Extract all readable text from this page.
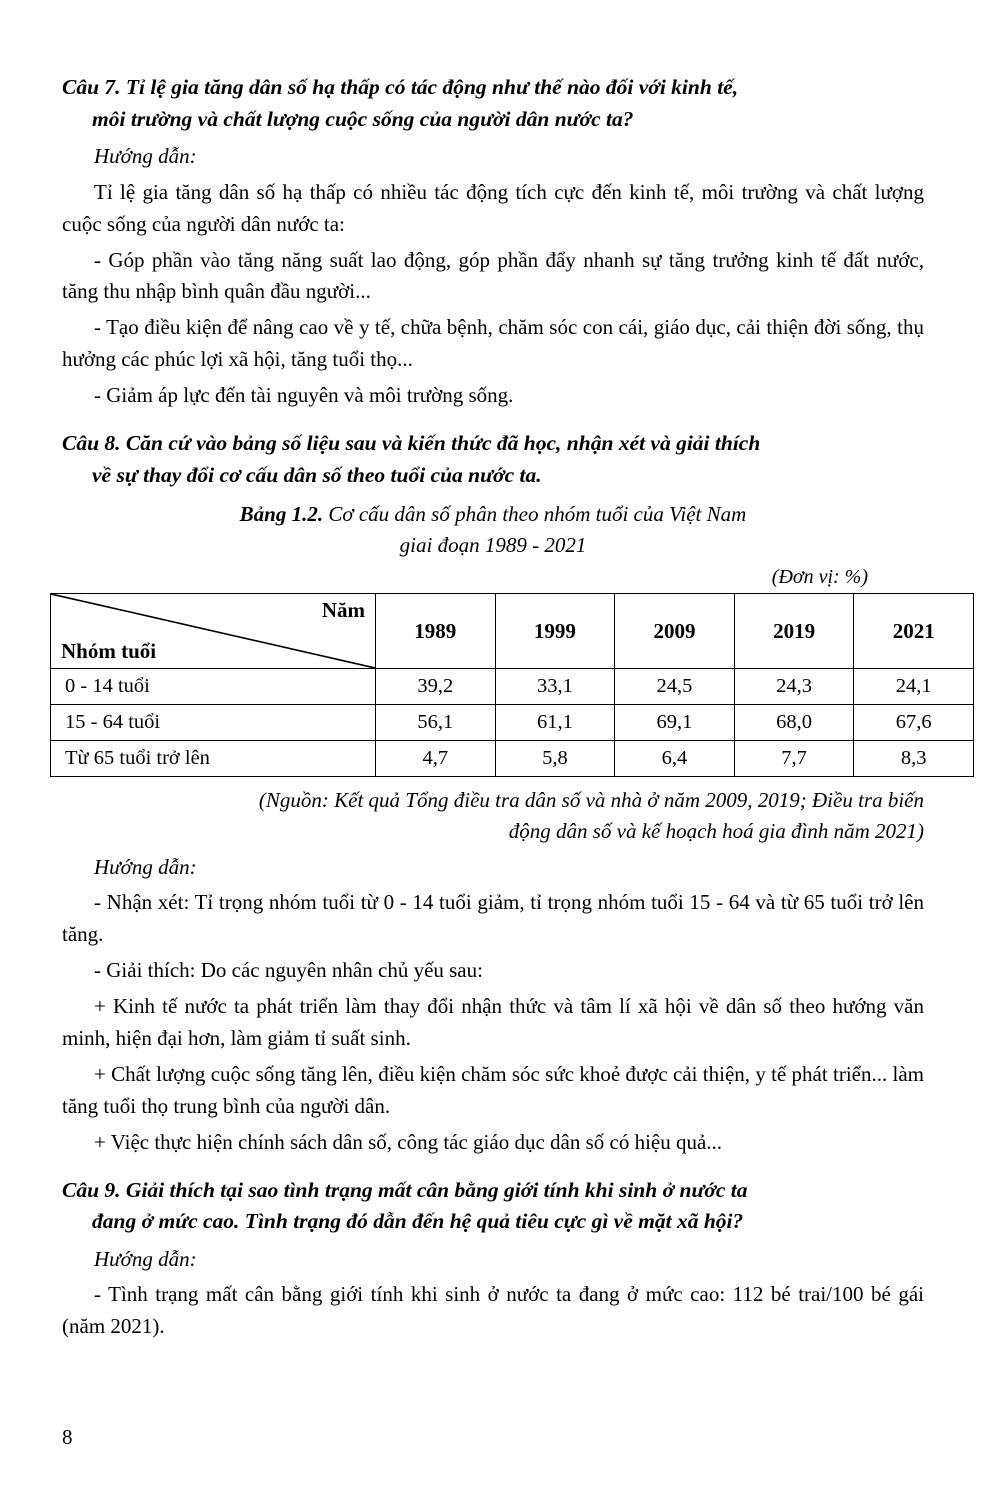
Câu 7. Tỉ lệ gia tăng dân số hạ thấp có tác động như thế nào đối với kinh tế,
môi trường và chất lượng cuộc sống của người dân nước ta?
Hướng dẫn:

Tỉ lệ gia tăng dân số hạ thấp có nhiều tác động tích cực đến kinh tế, môi trường và chất lượng cuộc sống của người dân nước ta:

- Góp phần vào tăng năng suất lao động, góp phần đẩy nhanh sự tăng trưởng kinh tế đất nước, tăng thu nhập bình quân đầu người...

- Tạo điều kiện để nâng cao về y tế, chữa bệnh, chăm sóc con cái, giáo dục, cải thiện đời sống, thụ hưởng các phúc lợi xã hội, tăng tuổi thọ...

- Giảm áp lực đến tài nguyên và môi trường sống.

Câu 8. Căn cứ vào bảng số liệu sau và kiến thức đã học, nhận xét và giải thích
về sự thay đổi cơ cấu dân số theo tuổi của nước ta.

Bảng 1.2. Cơ cấu dân số phân theo nhóm tuổi của Việt Nam

giai đoạn 1989 - 2021

(Đơn vị: %)

Năm
Nhóm tuổi	1989	1999	2009	2019	2021
0 - 14 tuổi	39,2	33,1	24,5	24,3	24,1
15 - 64 tuổi	56,1	61,1	69,1	68,0	67,6
Từ 65 tuổi trở lên	4,7	5,8	6,4	7,7	8,3

(Nguồn: Kết quả Tổng điều tra dân số và nhà ở năm 2009, 2019; Điều tra biến
động dân số và kế hoạch hoá gia đình năm 2021)

Hướng dẫn:

- Nhận xét: Tỉ trọng nhóm tuổi từ 0 - 14 tuổi giảm, tỉ trọng nhóm tuổi 15 - 64 và từ 65 tuổi trở lên tăng.

- Giải thích: Do các nguyên nhân chủ yếu sau:

+ Kinh tế nước ta phát triển làm thay đổi nhận thức và tâm lí xã hội về dân số theo hướng văn minh, hiện đại hơn, làm giảm tỉ suất sinh.

+ Chất lượng cuộc sống tăng lên, điều kiện chăm sóc sức khoẻ được cải thiện, y tế phát triển... làm tăng tuổi thọ trung bình của người dân.

+ Việc thực hiện chính sách dân số, công tác giáo dục dân số có hiệu quả...

Câu 9. Giải thích tại sao tình trạng mất cân bằng giới tính khi sinh ở nước ta
đang ở mức cao. Tình trạng đó dẫn đến hệ quả tiêu cực gì về mặt xã hội?
Hướng dẫn:

- Tình trạng mất cân bằng giới tính khi sinh ở nước ta đang ở mức cao: 112 bé trai/100 bé gái (năm 2021).

8
